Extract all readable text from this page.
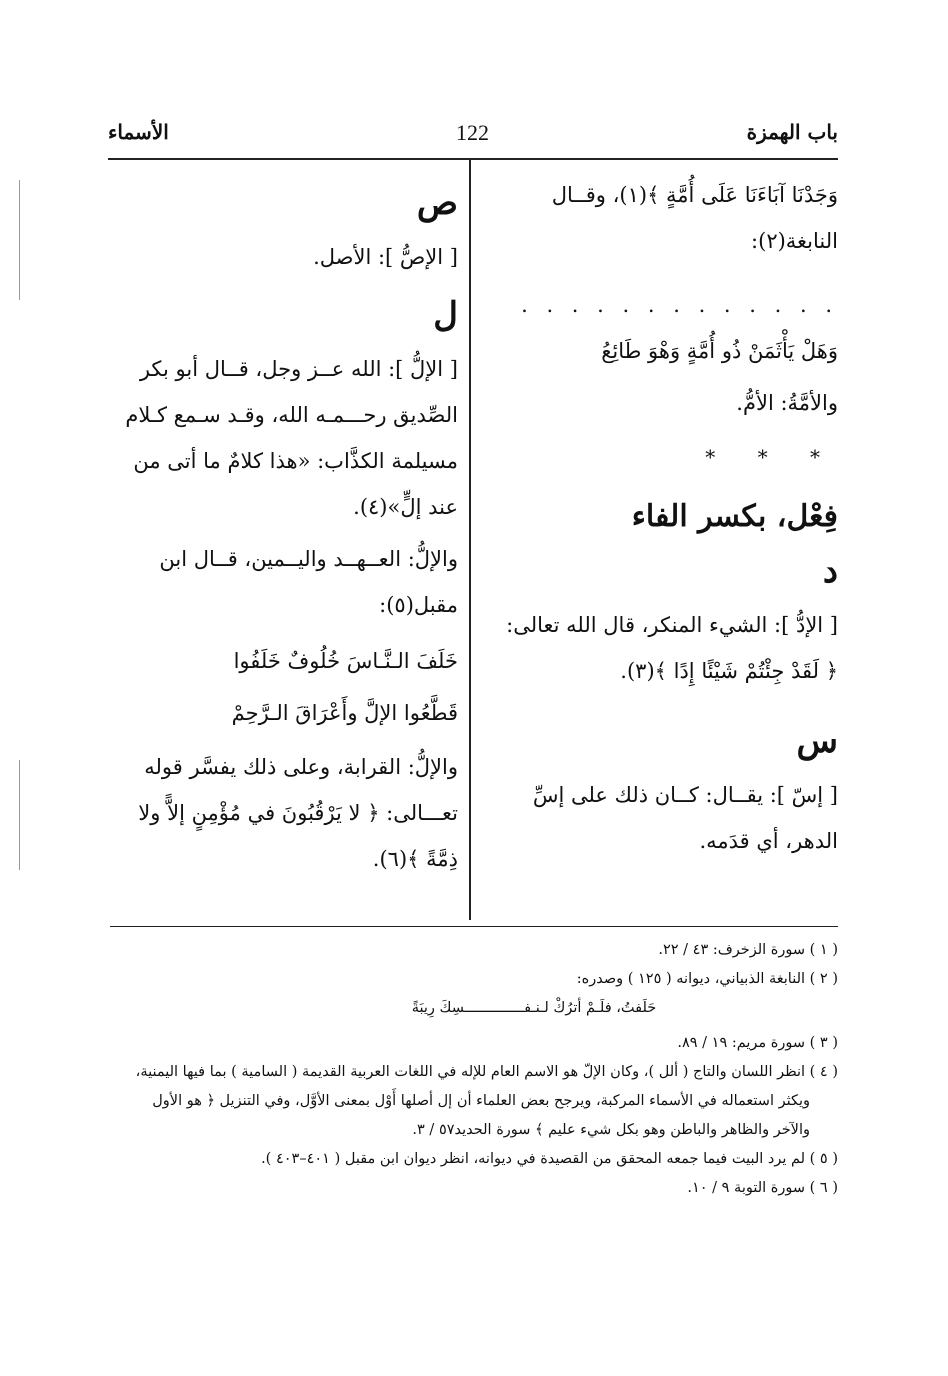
باب الهمزة
122
الأسماء

وَجَدْنَا آبَاءَنَا عَلَى أُمَّةٍ ﴾(١)، وقــال

النابغة(٢):

. . . . . . . . . . . . .

وَهَلْ يَأْثَمَنْ ذُو أُمَّةٍ وَهْوَ طَائِعُ

والأمَّةُ: الأمُّ.

* * *

فِعْل، بكسر الفاء

د

[ الإدُّ ]: الشيء المنكر، قال الله تعالى:

﴿ لَقَدْ جِئْتُمْ شَيْئًا إِدًا ﴾(٣).

س

[ إسّ ]: يقــال: كــان ذلك على إسِّ

الدهر، أي قدَمه.

ص

[ الإصُّ ]: الأصل.

ل

[ الإلُّ ]: الله عــز وجل، قــال أبو بكر

الصِّديق رحـــمـه الله، وقـد سـمع كـلام

مسيلمة الكذَّاب: «هذا كلامٌ ما أتى من

عند إلٍّ»(٤).

والإلُّ: العــهــد واليــمين، قــال ابن

مقبل(٥):

خَلَفَ الـنَّـاسَ خُلُوفٌ خَلَفُوا

قَطَّعُوا الإلَّ وأَعْرَاقَ الـرَّحِمْ

والإلُّ: القرابة، وعلى ذلك يفسَّر قوله

تعـــالى: ﴿ لا يَرْقُبُونَ في مُؤْمِنٍ إلاًّ ولا

ذِمَّةً ﴾(٦).

( ١ ) سورة الزخرف: ٤٣ / ٢٢.

( ٢ ) النابغة الذبياني، ديوانه ( ١٢٥ ) وصدره:

حَلَفتُ، فلَـمْ أترُكْ لـنـفــــــــــــــسِكَ رِيبَةً

( ٣ ) سورة مريم: ١٩ / ٨٩.

( ٤ ) انظر اللسان والتاج ( ألل )، وكان الإلّ هو الاسم العام للإله في اللغات العربية القديمة ( السامية ) بما فيها اليمنية،

ويكثر استعماله في الأسماء المركبة، ويرجح بعض العلماء أن إل أصلها أَوْل بمعنى الأوَّل، وفي التنزيل ﴿ هو الأول

والآخر والظاهر والباطن وهو بكل شيء عليم ﴾ سورة الحديد٥٧ / ٣.

( ٥ ) لم يرد البيت فيما جمعه المحقق من القصيدة في ديوانه، انظر ديوان ابن مقبل ( ٤٠١–٤٠٣ ).

( ٦ ) سورة التوبة ٩ / ١٠.
